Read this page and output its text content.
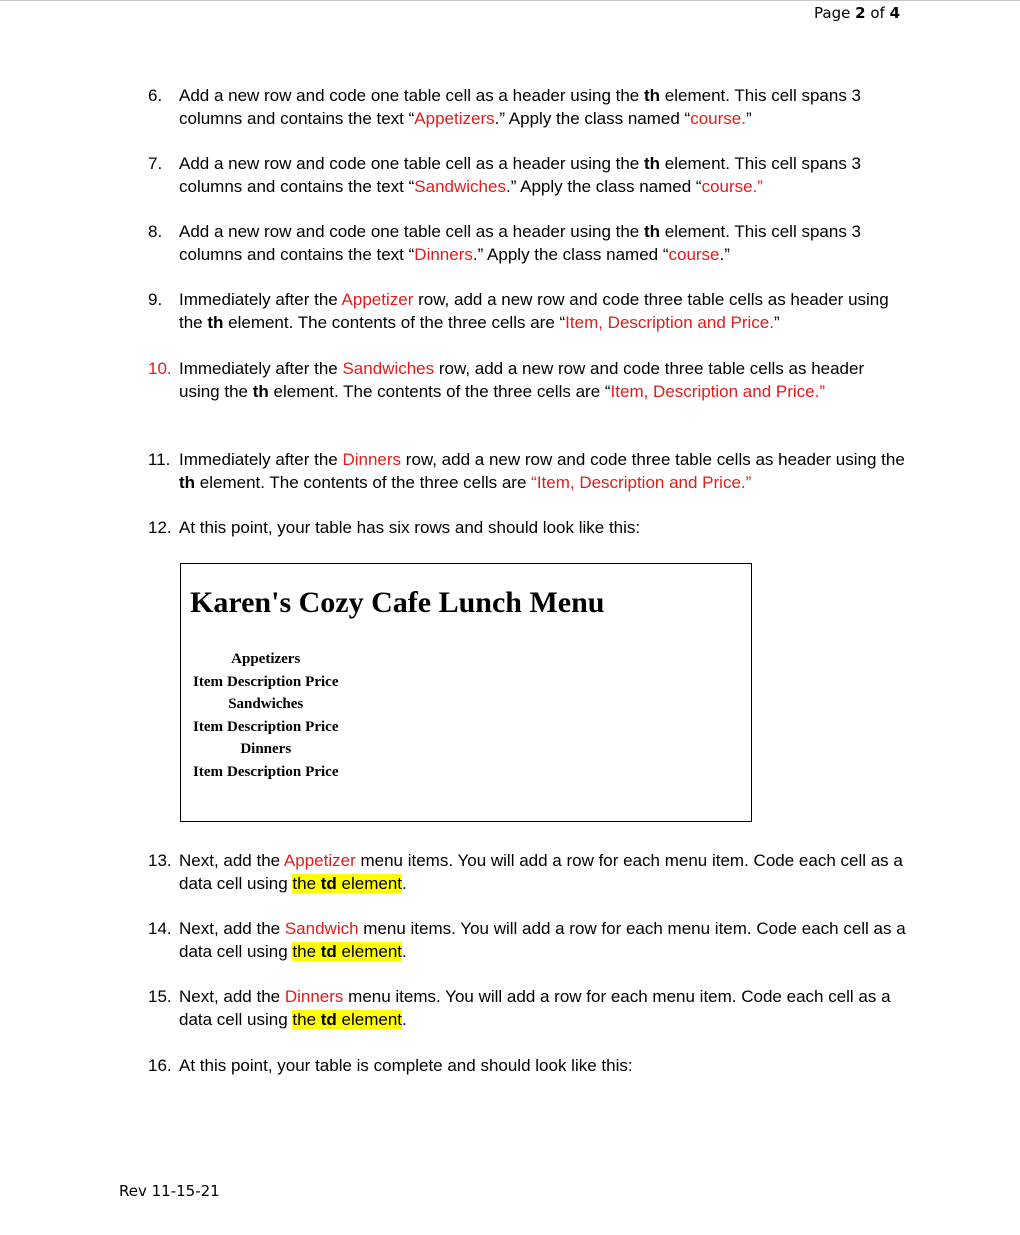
Page 2 of 4
6. Add a new row and code one table cell as a header using the th element. This cell spans 3 columns and contains the text “Appetizers.” Apply the class named “course.”
7. Add a new row and code one table cell as a header using the th element. This cell spans 3 columns and contains the text “Sandwiches.” Apply the class named “course.”
8. Add a new row and code one table cell as a header using the th element. This cell spans 3 columns and contains the text “Dinners.” Apply the class named “course.”
9. Immediately after the Appetizer row, add a new row and code three table cells as header using the th element. The contents of the three cells are “Item, Description and Price.”
10. Immediately after the Sandwiches row, add a new row and code three table cells as header using the th element. The contents of the three cells are “Item, Description and Price.”
11. Immediately after the Dinners row, add a new row and code three table cells as header using the th element. The contents of the three cells are “Item, Description and Price.”
12. At this point, your table has six rows and should look like this:
Karen's Cozy Cafe Lunch Menu
Appetizers		
Item	Description	Price
Sandwiches		
Item	Description	Price
Dinners		
Item	Description	Price
13. Next, add the Appetizer menu items. You will add a row for each menu item. Code each cell as a data cell using the td element.
14. Next, add the Sandwich menu items. You will add a row for each menu item. Code each cell as a data cell using the td element.
15. Next, add the Dinners menu items. You will add a row for each menu item. Code each cell as a data cell using the td element.
16. At this point, your table is complete and should look like this:
Rev 11-15-21
